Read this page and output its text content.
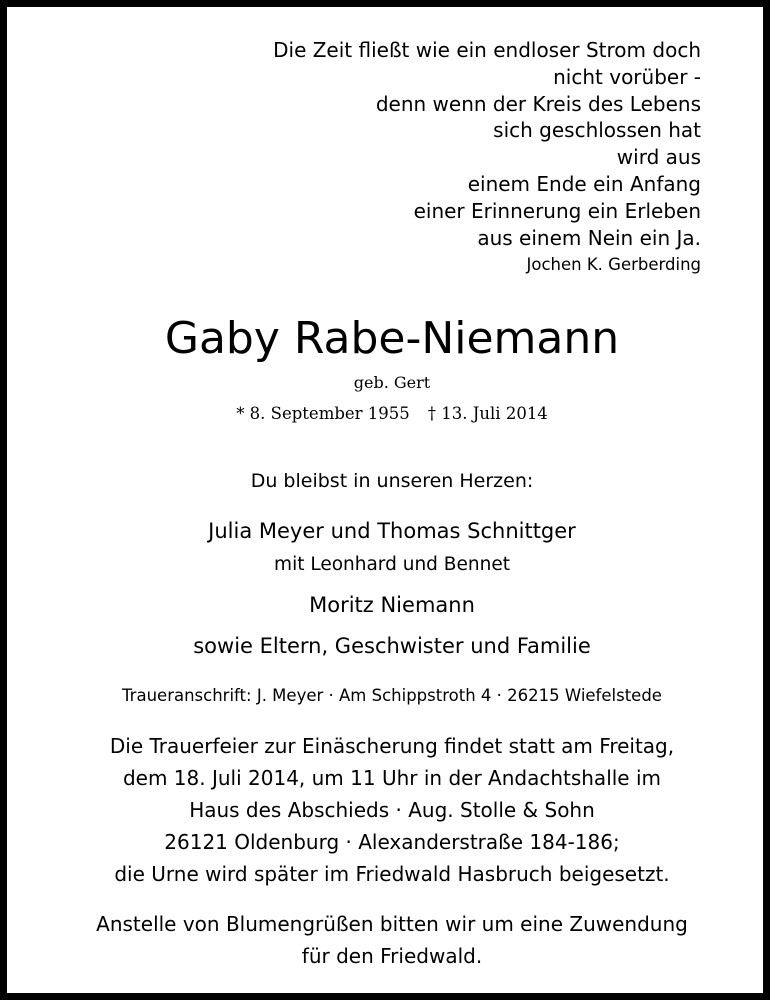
Die Zeit fließt wie ein endloser Strom doch
nicht vorüber -
denn wenn der Kreis des Lebens
sich geschlossen hat
wird aus
einem Ende ein Anfang
einer Erinnerung ein Erleben
aus einem Nein ein Ja.
Jochen K. Gerberding
Gaby Rabe-Niemann
geb. Gert
* 8. September 1955 † 13. Juli 2014
Du bleibst in unseren Herzen:
Julia Meyer und Thomas Schnittger
mit Leonhard und Bennet
Moritz Niemann
sowie Eltern, Geschwister und Familie
Traueranschrift: J. Meyer · Am Schippstroth 4 · 26215 Wiefelstede
Die Trauerfeier zur Einäscherung findet statt am Freitag,
dem 18. Juli 2014, um 11 Uhr in der Andachtshalle im
Haus des Abschieds · Aug. Stolle & Sohn
26121 Oldenburg · Alexanderstraße 184-186;
die Urne wird später im Friedwald Hasbruch beigesetzt.
Anstelle von Blumengrüßen bitten wir um eine Zuwendung
für den Friedwald.
